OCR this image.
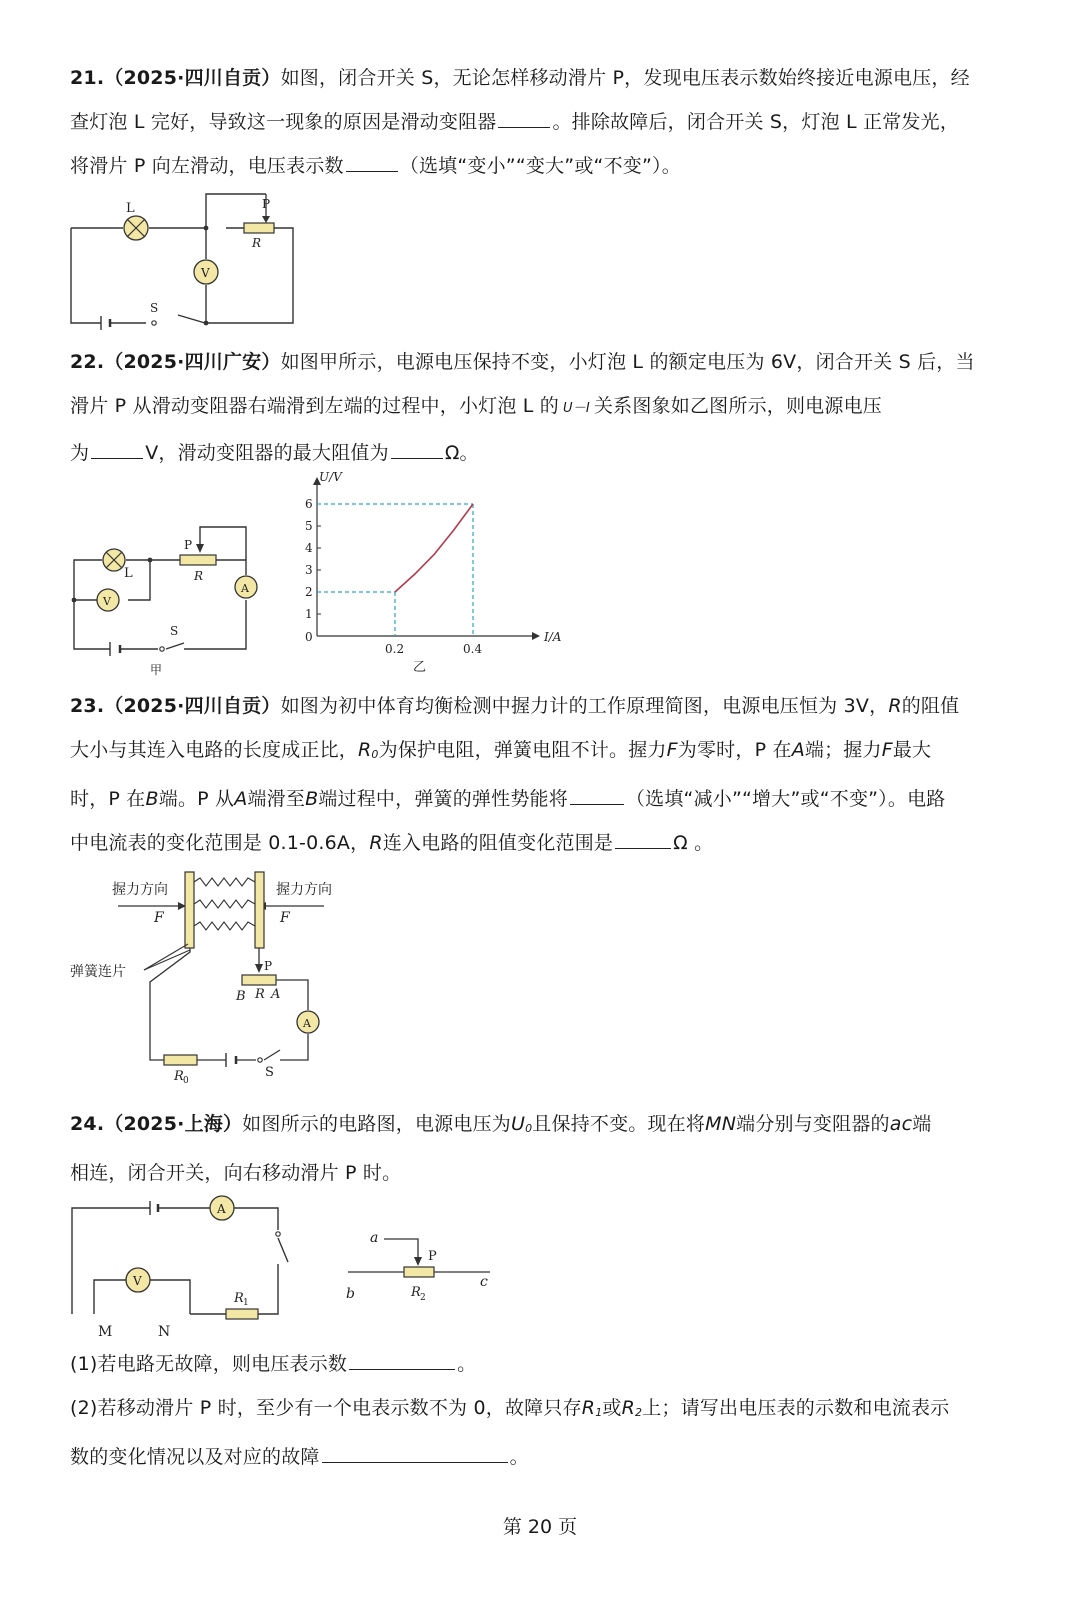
21.（2025·四川自贡）如图，闭合开关 S，无论怎样移动滑片 P，发现电压表示数始终接近电源电压，经
查灯泡 L 完好，导致这一现象的原因是滑动变阻器	。排除故障后，闭合开关 S，灯泡 L 正常发光，
将滑片 P 向左滑动，电压表示数	（选填“变小”“变大”或“不变”）。
L	P
R
V
S
22.（2025·四川广安）如图甲所示，电源电压保持不变，小灯泡 L 的额定电压为 6V，闭合开关 S 后，当
滑片 P 从滑动变阻器右端滑到左端的过程中，小灯泡 L 的 U－I 关系图象如乙图所示，则电源电压
为	V，滑动变阻器的最大阻值为	Ω。
L
V
P
R
A
S
甲
I/A
U/V
0
1
2
3
4
5
6
0.2	0.4
乙
23.（2025·四川自贡）如图为初中体育均衡检测中握力计的工作原理简图，电源电压恒为 3V，R的阻值
大小与其连入电路的长度成正比，R0为保护电阻，弹簧电阻不计。握力F为零时，P 在A端；握力F最大
时，P 在B端。P 从A端滑至B端过程中，弹簧的弹性势能将	（选填“减小”“增大”或“不变”）。电路
中电流表的变化范围是 0.1-0.6A，R连入电路的阻值变化范围是	Ω 。
握力方向	握力方向
F	F
弹簧连片
R 0
S
P
B R A
A
24.（2025·上海）如图所示的电路图，电源电压为U0且保持不变。现在将MN端分别与变阻器的ac端
相连，闭合开关，向右移动滑片 P 时。
A
V
R 1
M	N
a
P
b
c
R 2
(1)若电路无故障，则电压表示数	。
(2)若移动滑片 P 时，至少有一个电表示数不为 0，故障只存R1或R2上；请写出电压表的示数和电流表示
数的变化情况以及对应的故障	。
第 20 页
